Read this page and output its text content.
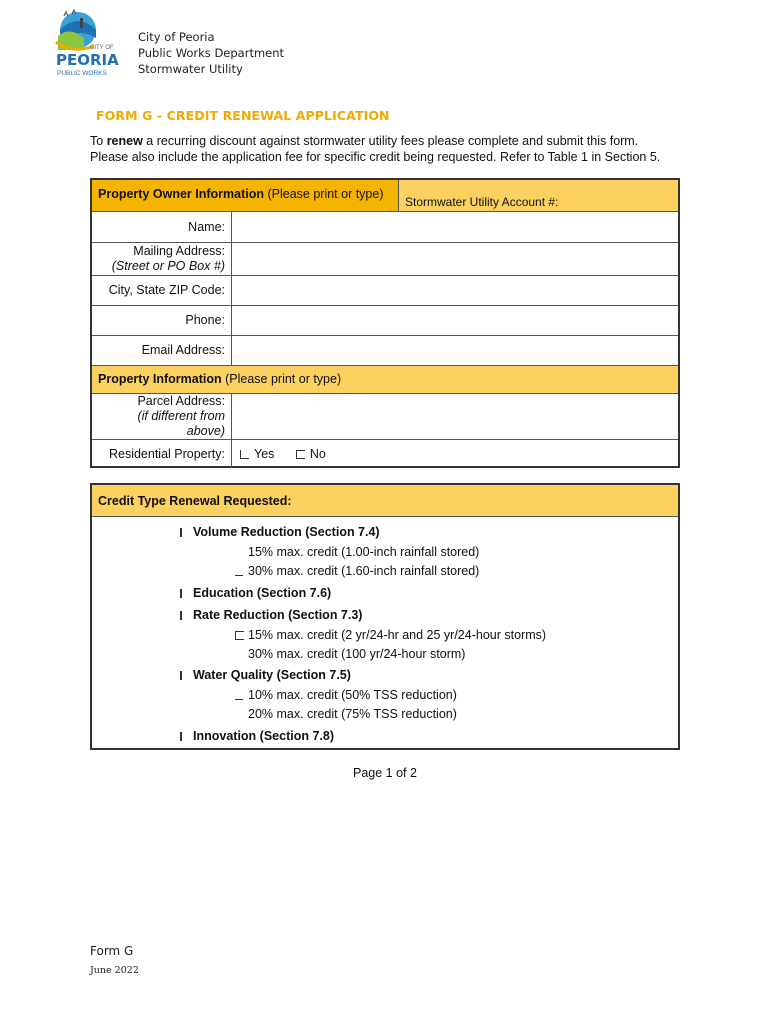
CITY OF
PEORIA
PUBLIC WORKS
City of Peoria
Public Works Department
Stormwater Utility
FORM G - CREDIT RENEWAL APPLICATION
To renew a recurring discount against stormwater utility fees please complete and submit this form.
Please also include the application fee for specific credit being requested. Refer to Table 1 in Section 5.
Property Owner Information (Please print or type)
Stormwater Utility Account #:
Name:
Mailing Address:
(Street or PO Box #)
City, State ZIP Code:
Phone:
Email Address:
Property Information (Please print or type)
Parcel Address:
(if different from
above)
Residential Property:	Yes	No
Credit Type Renewal Requested:
Volume Reduction (Section 7.4)
15% max. credit (1.00-inch rainfall stored)
30% max. credit (1.60-inch rainfall stored)
Education (Section 7.6)
Rate Reduction (Section 7.3)
15% max. credit (2 yr/24-hr and 25 yr/24-hour storms)
30% max. credit (100 yr/24-hour storm)
Water Quality (Section 7.5)
10% max. credit (50% TSS reduction)
20% max. credit (75% TSS reduction)
Innovation (Section 7.8)
Page 1 of 2
Form G
June 2022
